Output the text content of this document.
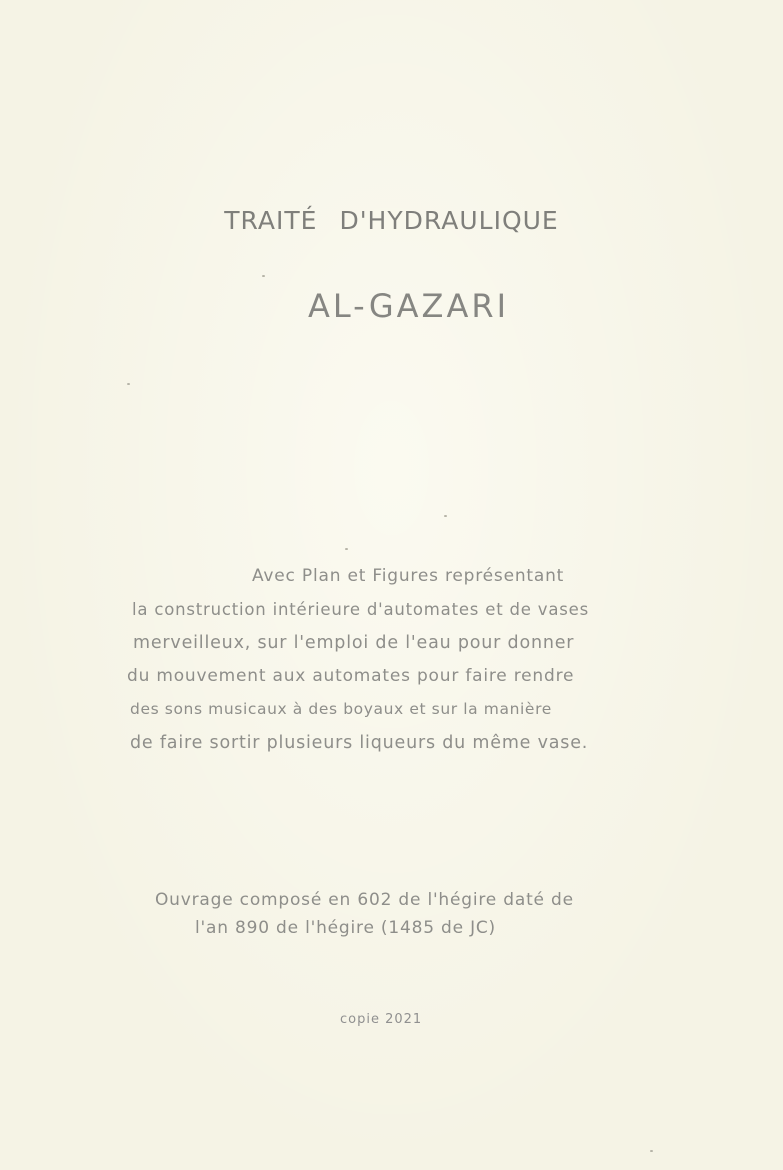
TRAITÉ D'HYDRAULIQUE
AL-GAZARI
Avec Plan et Figures représentant
la construction intérieure d'automates et de vases
merveilleux, sur l'emploi de l'eau pour donner
du mouvement aux automates pour faire rendre
des sons musicaux à des boyaux et sur la manière
de faire sortir plusieurs liqueurs du même vase.
Ouvrage composé en 602 de l'hégire daté de
l'an 890 de l'hégire (1485 de JC)
copie 2021
